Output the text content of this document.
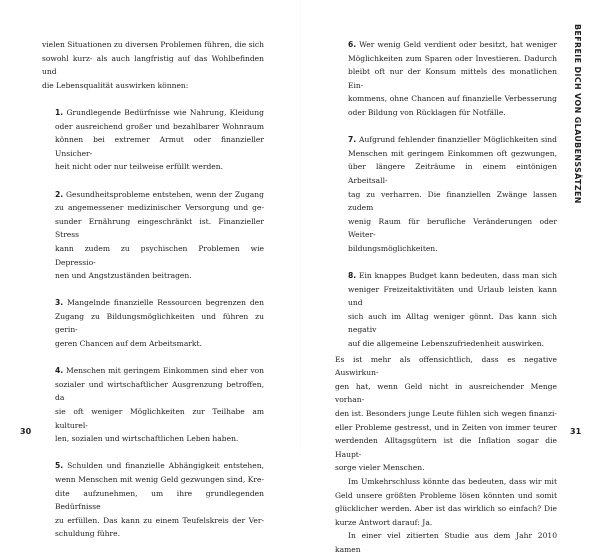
vielen Situationen zu diversen Problemen führen, die sich
sowohl kurz- als auch langfristig auf das Wohlbefinden und
die Lebensqualität auswirken können:

1. Grundlegende Bedürfnisse wie Nahrung, Kleidung
oder ausreichend großer und bezahlbarer Wohnraum
können bei extremer Armut oder finanzieller Unsicher-
heit nicht oder nur teilweise erfüllt werden.

2. Gesundheitsprobleme entstehen, wenn der Zugang
zu angemessener medizinischer Versorgung und ge-
sunder Ernährung eingeschränkt ist. Finanzieller Stress
kann zudem zu psychischen Problemen wie Depressio-
nen und Angstzuständen beitragen.

3. Mangelnde finanzielle Ressourcen begrenzen den
Zugang zu Bildungsmöglichkeiten und führen zu gerin-
geren Chancen auf dem Arbeitsmarkt.

4. Menschen mit geringem Einkommen sind eher von
sozialer und wirtschaftlicher Ausgrenzung betroffen, da
sie oft weniger Möglichkeiten zur Teilhabe am kulturel-
len, sozialen und wirtschaftlichen Leben haben.

5. Schulden und finanzielle Abhängigkeit entstehen,
wenn Menschen mit wenig Geld gezwungen sind, Kre-
dite aufzunehmen, um ihre grundlegenden Bedürfnisse
zu erfüllen. Das kann zu einem Teufelskreis der Ver-
schuldung führe.

6. Wer wenig Geld verdient oder besitzt, hat weniger
Möglichkeiten zum Sparen oder Investieren. Dadurch
bleibt oft nur der Konsum mittels des monatlichen Ein-
kommens, ohne Chancen auf finanzielle Verbesserung
oder Bildung von Rücklagen für Notfälle.

7. Aufgrund fehlender finanzieller Möglichkeiten sind
Menschen mit geringem Einkommen oft gezwungen,
über längere Zeiträume in einem eintönigen Arbeitsall-
tag zu verharren. Die finanziellen Zwänge lassen zudem
wenig Raum für berufliche Veränderungen oder Weiter-
bildungsmöglichkeiten.

8. Ein knappes Budget kann bedeuten, dass man sich
weniger Freizeitaktivitäten und Urlaub leisten kann und
sich auch im Alltag weniger gönnt. Das kann sich negativ
auf die allgemeine Lebenszufriedenheit auswirken.

Es ist mehr als offensichtlich, dass es negative Auswirkun-
gen hat, wenn Geld nicht in ausreichender Menge vorhan-
den ist. Besonders junge Leute fühlen sich wegen finanzi-
eller Probleme gestresst, und in Zeiten von immer teurer
werdenden Alltagsgütern ist die Inflation sogar die Haupt-
sorge vieler Menschen.

Im Umkehrschluss könnte das bedeuten, dass wir mit
Geld unsere größten Probleme lösen könnten und somit
glücklicher werden. Aber ist das wirklich so einfach? Die
kurze Antwort darauf: Ja.

In einer viel zitierten Studie aus dem Jahr 2010 kamen

BEFREIE DICH VON GLAUBENSSÄTZEN
30	31
